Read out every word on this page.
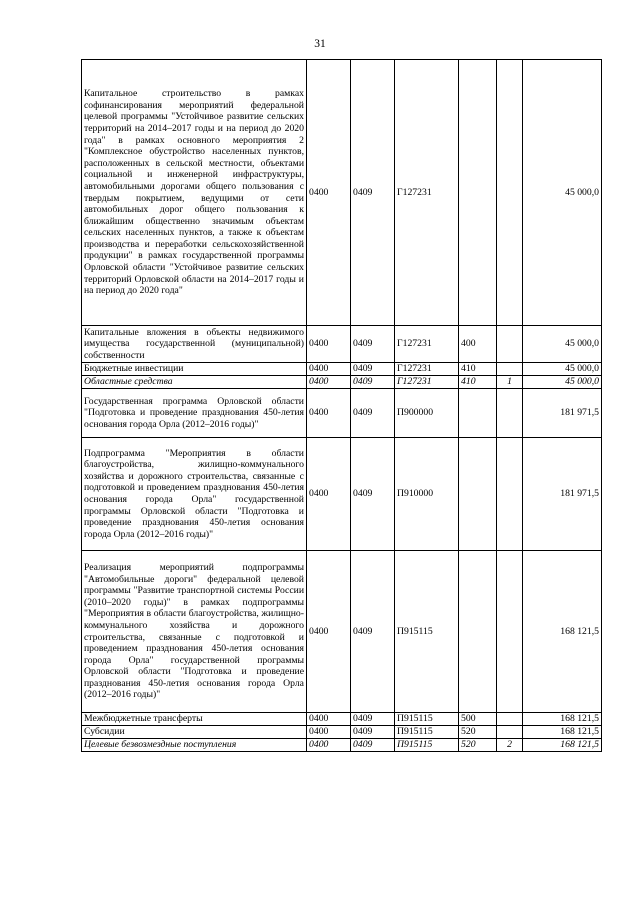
31
Капитальное строительство в рамках софинансирования мероприятий федеральной целевой программы "Устойчивое развитие сельских территорий на 2014–2017 годы и на период до 2020 года" в рамках основного мероприятия 2 "Комплексное обустройство населенных пунктов, расположенных в сельской местности, объектами социальной и инженерной инфраструктуры, автомобильными дорогами общего пользования с твердым покрытием, ведущими от сети автомобильных дорог общего пользования к ближайшим общественно значимым объектам сельских населенных пунктов, а также к объектам производства и переработки сельскохозяйственной продукции" в рамках государственной программы Орловской области "Устойчивое развитие сельских территорий Орловской области на 2014–2017 годы и на период до 2020 года"	0400	0409	Г127231			45 000,0
Капитальные вложения в объекты недвижимого имущества государственной (муниципальной) собственности	0400	0409	Г127231	400		45 000,0
Бюджетные инвестиции	0400	0409	Г127231	410		45 000,0
Областные средства	0400	0409	Г127231	410	1	45 000,0
Государственная программа Орловской области "Подготовка и проведение празднования 450-летия основания города Орла (2012–2016 годы)"	0400	0409	П900000			181 971,5
Подпрограмма "Мероприятия в области благоустройства, жилищно-коммунального хозяйства и дорожного строительства, связанные с подготовкой и проведением празднования 450-летия основания города Орла" государственной программы Орловской области "Подготовка и проведение празднования 450-летия основания города Орла (2012–2016 годы)"	0400	0409	П910000			181 971,5
Реализация мероприятий подпрограммы "Автомобильные дороги" федеральной целевой программы "Развитие транспортной системы России (2010–2020 годы)" в рамках подпрограммы "Мероприятия в области благоустройства, жилищно-коммунального хозяйства и дорожного строительства, связанные с подготовкой и проведением празднования 450-летия основания города Орла" государственной программы Орловской области "Подготовка и проведение празднования 450-летия основания города Орла (2012–2016 годы)"	0400	0409	П915115			168 121,5
Межбюджетные трансферты	0400	0409	П915115	500		168 121,5
Субсидии	0400	0409	П915115	520		168 121,5
Целевые безвозмездные поступления	0400	0409	П915115	520	2	168 121,5
